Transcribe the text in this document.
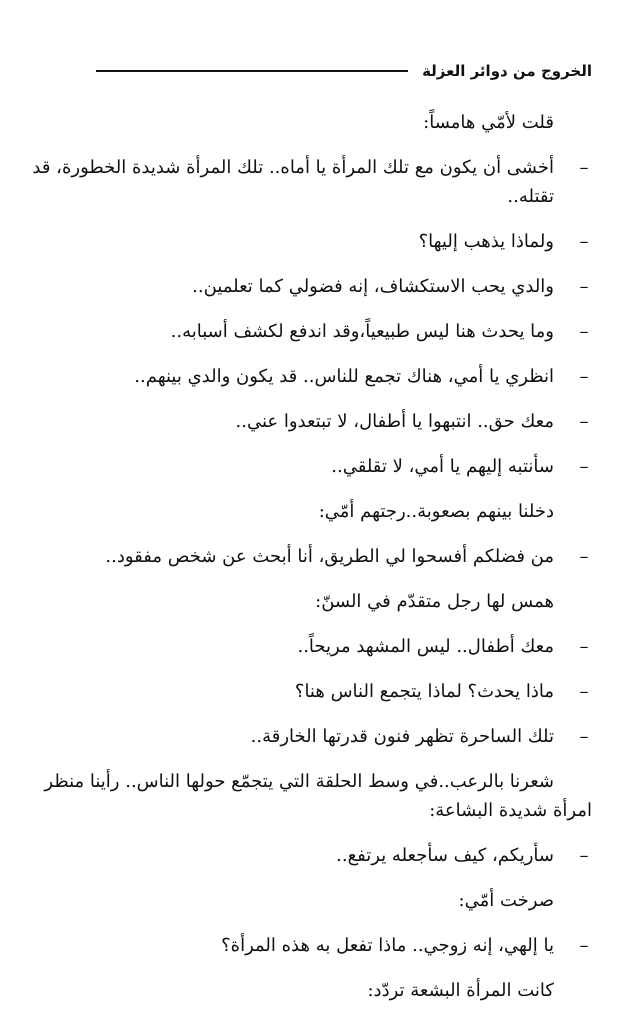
الخروج من دوائر العزلة

قلت لأمّي هامساً:

–
أخشى أن يكون مع تلك المرأة يا أماه.. تلك المرأة شديدة الخطورة، قد تقتله..

–
ولماذا يذهب إليها؟

–
والدي يحب الاستكشاف، إنه فضولي كما تعلمين..

–
وما يحدث هنا ليس طبيعياً،وقد اندفع لكشف أسبابه..

–
انظري يا أمي، هناك تجمع للناس.. قد يكون والدي بينهم..

–
معك حق.. انتبهوا يا أطفال، لا تبتعدوا عني..

–
سأنتبه إليهم يا أمي، لا تقلقي..

دخلنا بينهم بصعوبة..رجتهم أمّي:

–
من فضلكم أفسحوا لي الطريق، أنا أبحث عن شخص مفقود..

همس لها رجل متقدّم في السنّ:

–
معك أطفال.. ليس المشهد مريحاً..

–
ماذا يحدث؟ لماذا يتجمع الناس هنا؟

–
تلك الساحرة تظهر فنون قدرتها الخارقة..

شعرنا بالرعب..في وسط الحلقة التي يتجمّع حولها الناس.. رأينا منظر امرأة شديدة البشاعة:

–
سأريكم، كيف سأجعله يرتفع..

صرخت أمّي:

–
يا إلهي، إنه زوجي.. ماذا تفعل به هذه المرأة؟

كانت المرأة البشعة تردّد:
